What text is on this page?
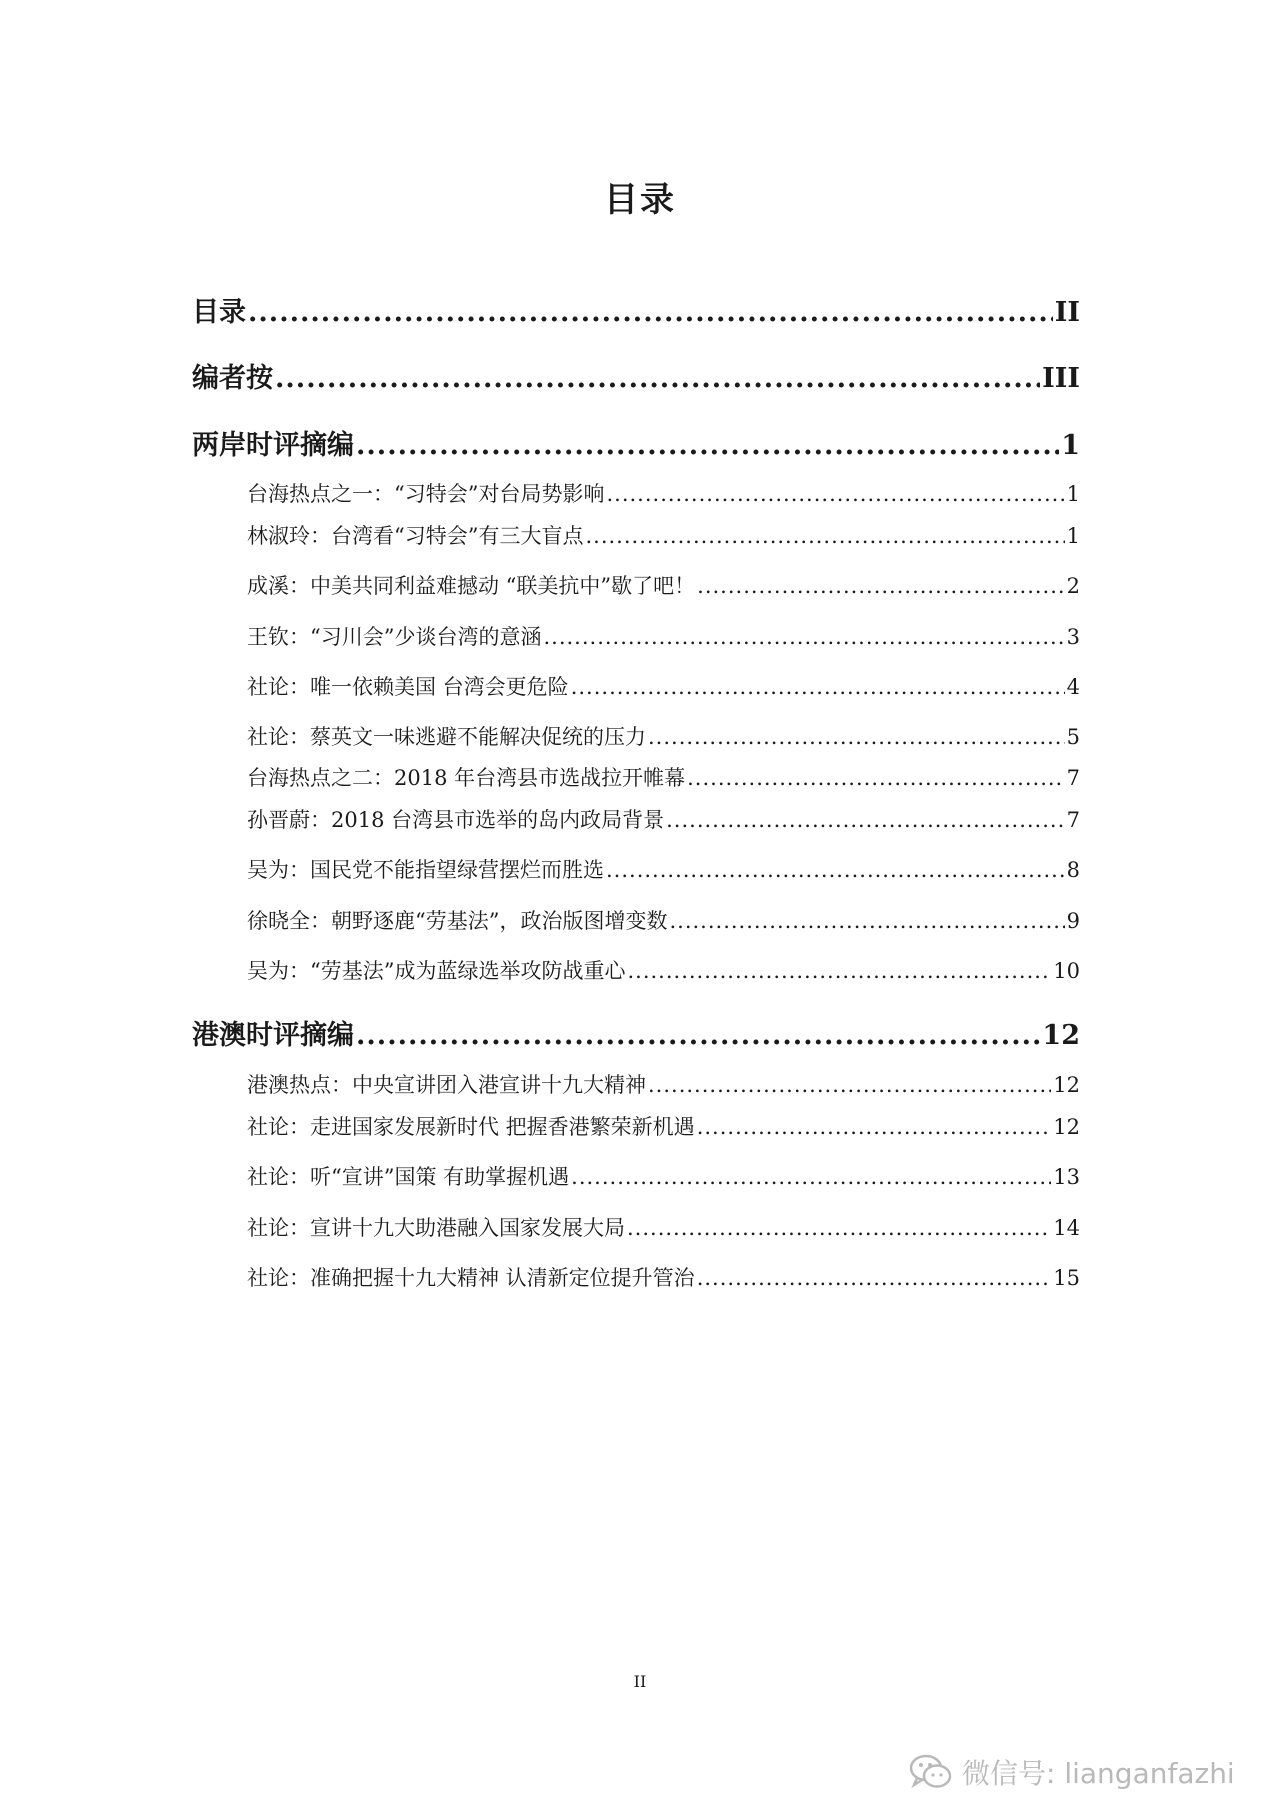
目录
目录 .....	II
编者按 .....	III
两岸时评摘编 .....	1
台海热点之一：“习特会”对台局势影响 .....	1
林淑玲：台湾看“习特会”有三大盲点 .....	1
成溪：中美共同利益难撼动 “联美抗中”歇了吧！ .....	2
王钦：“习川会”少谈台湾的意涵 .....	3
社论：唯一依赖美国 台湾会更危险 .....	4
社论：蔡英文一味逃避不能解决促统的压力 .....	5
台海热点之二：2018 年台湾县市选战拉开帷幕 .....	7
孙晋蔚：2018 台湾县市选举的岛内政局背景 .....	7
吴为：国民党不能指望绿营摆烂而胜选 .....	8
徐晓全：朝野逐鹿“劳基法”，政治版图增变数 .....	9
吴为：“劳基法”成为蓝绿选举攻防战重心 .....	10
港澳时评摘编 .....	12
港澳热点：中央宣讲团入港宣讲十九大精神 .....	12
社论：走进国家发展新时代 把握香港繁荣新机遇 .....	12
社论：听“宣讲”国策 有助掌握机遇 .....	13
社论：宣讲十九大助港融入国家发展大局 .....	14
社论：准确把握十九大精神 认清新定位提升管治 .....	15
II
微信号: lianganfazhi
